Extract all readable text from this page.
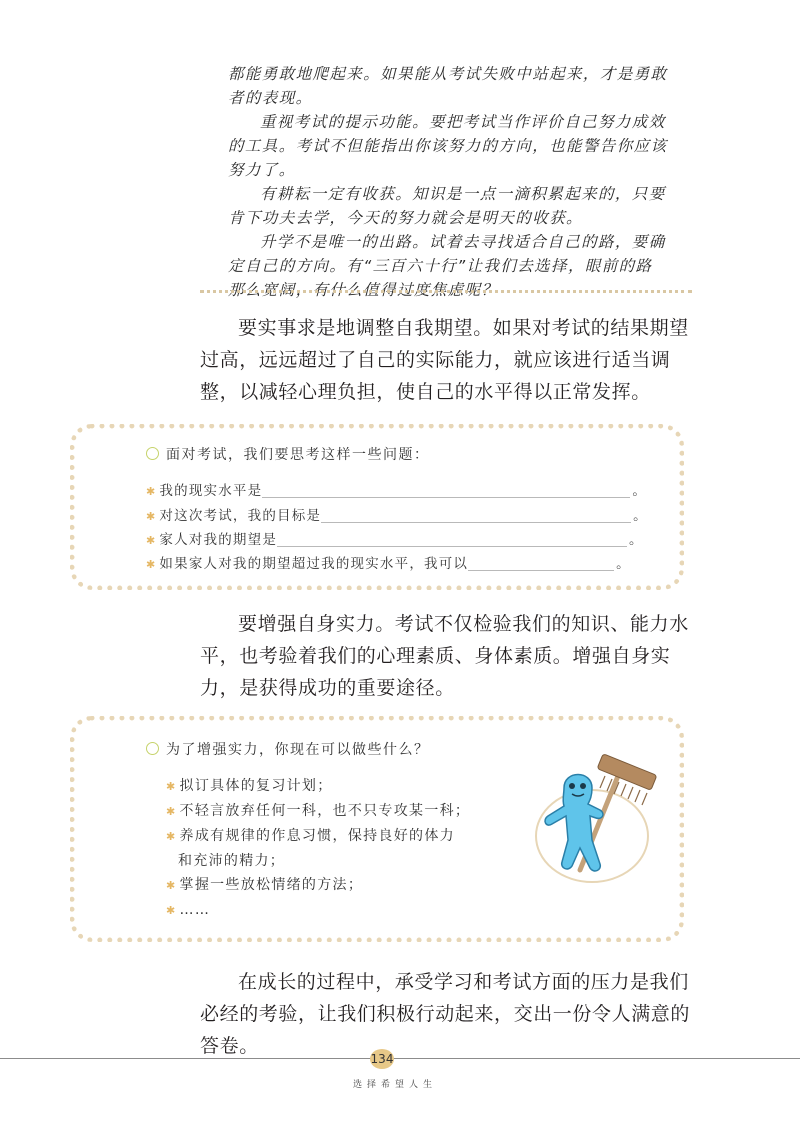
都能勇敢地爬起来。如果能从考试失败中站起来，才是勇敢者的表现。

重视考试的提示功能。要把考试当作评价自己努力成效的工具。考试不但能指出你该努力的方向，也能警告你应该努力了。

有耕耘一定有收获。知识是一点一滴积累起来的，只要肯下功夫去学，今天的努力就会是明天的收获。

升学不是唯一的出路。试着去寻找适合自己的路，要确定自己的方向。有“三百六十行”让我们去选择，眼前的路那么宽阔，有什么值得过度焦虑呢？

要实事求是地调整自我期望。如果对考试的结果期望过高，远远超过了自己的实际能力，就应该进行适当调整，以减轻心理负担，使自己的水平得以正常发挥。

面对考试，我们要思考这样一些问题：
✱ 我的现实水平是	。
✱ 对这次考试，我的目标是	。
✱ 家人对我的期望是	。
✱ 如果家人对我的期望超过我的现实水平，我可以	。

要增强自身实力。考试不仅检验我们的知识、能力水平，也考验着我们的心理素质、身体素质。增强自身实力，是获得成功的重要途径。

为了增强实力，你现在可以做些什么？
✱ 拟订具体的复习计划；
✱ 不轻言放弃任何一科，也不只专攻某一科；
✱ 养成有规律的作息习惯，保持良好的体力
和充沛的精力；
✱ 掌握一些放松情绪的方法；
✱ ……

在成长的过程中，承受学习和考试方面的压力是我们必经的考验，让我们积极行动起来，交出一份令人满意的答卷。

134
选择希望人生
